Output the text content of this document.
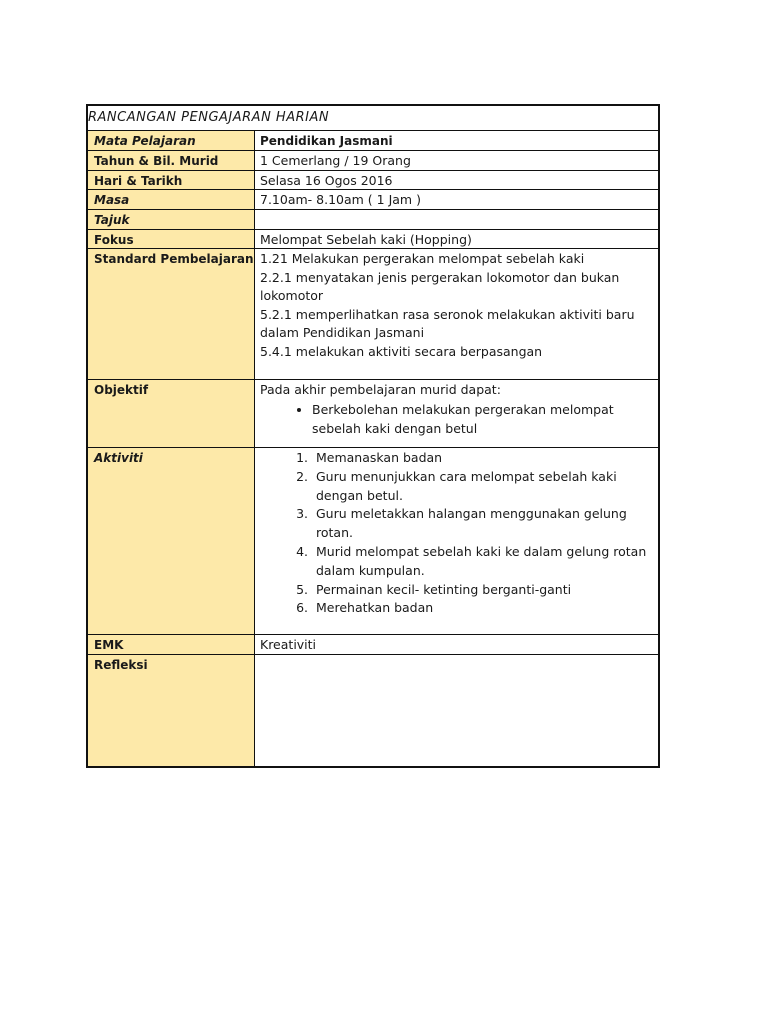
RANCANGAN PENGAJARAN HARIAN
Mata Pelajaran	Pendidikan Jasmani
Tahun & Bil. Murid	1 Cemerlang / 19 Orang
Hari & Tarikh	Selasa 16 Ogos 2016
Masa	7.10am- 8.10am ( 1 Jam )
Tajuk
Fokus	Melompat Sebelah kaki (Hopping)
Standard Pembelajaran 1.21 Melakukan pergerakan melompat sebelah kaki
2.2.1 menyatakan jenis pergerakan lokomotor dan bukan
lokomotor
5.2.1 memperlihatkan rasa seronok melakukan aktiviti baru
dalam Pendidikan Jasmani
5.4.1 melakukan aktiviti secara berpasangan
Objektif	Pada akhir pembelajaran murid dapat:
• Berkebolehan melakukan pergerakan melompat sebelah kaki dengan betul
Aktiviti
1.	Memanaskan badan
2. Guru menunjukkan cara melompat sebelah kaki dengan betul.
3. Guru meletakkan halangan menggunakan gelung rotan.
4. Murid melompat sebelah kaki ke dalam gelung rotan dalam kumpulan.
5. Permainan kecil- ketinting berganti-ganti
6. Merehatkan badan
EMK	Kreativiti
Refleksi
